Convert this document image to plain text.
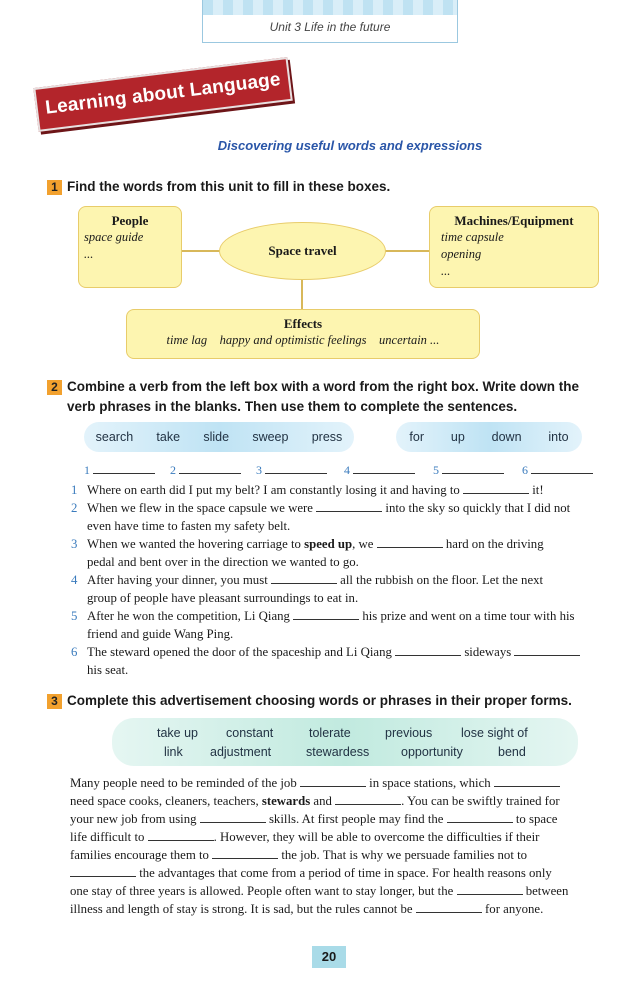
Unit 3 Life in the future
Learning about Language
Discovering useful words and expressions
1 Find the words from this unit to fill in these boxes.
People
space guide
...	Space travel
Machines/Equipment
time capsule
opening
...
Effects
time lag    happy and optimistic feelings    uncertain ...
2 Combine a verb from the left box with a word from the right box. Write down the
verb phrases in the blanks. Then use them to complete the sentences.
search take slide sweep press	for up down into
1	2	3	4	5	6
1 Where on earth did I put my belt? I am constantly losing it and having to	it!
2 When we flew in the space capsule we were	into the sky so quickly that I did not
even have time to fasten my safety belt.
3 When we wanted the hovering carriage to speed up, we	hard on the driving
pedal and bent over in the direction we wanted to go.
4 After having your dinner, you must	all the rubbish on the floor. Let the next
group of people have pleasant surroundings to eat in.
5 After he won the competition, Li Qiang	his prize and went on a time tour with his
friend and guide Wang Ping.
6 The steward opened the door of the spaceship and Li Qiang	sideways
his seat.
3 Complete this advertisement choosing words or phrases in their proper forms.
take up constant	tolerate	previous lose sight of
link adjustment	stewardess	opportunity	bend
Many people need to be reminded of the job	in space stations, which
need space cooks, cleaners, teachers, stewards and	. You can be swiftly trained for
your new job from using	skills. At first people may find the	to space
life difficult to	. However, they will be able to overcome the difficulties if their
families encourage them to	the job. That is why we persuade families not to
the advantages that come from a period of time in space. For health reasons only
one stay of three years is allowed. People often want to stay longer, but the	between
illness and length of stay is strong. It is sad, but the rules cannot be	for anyone.
20
